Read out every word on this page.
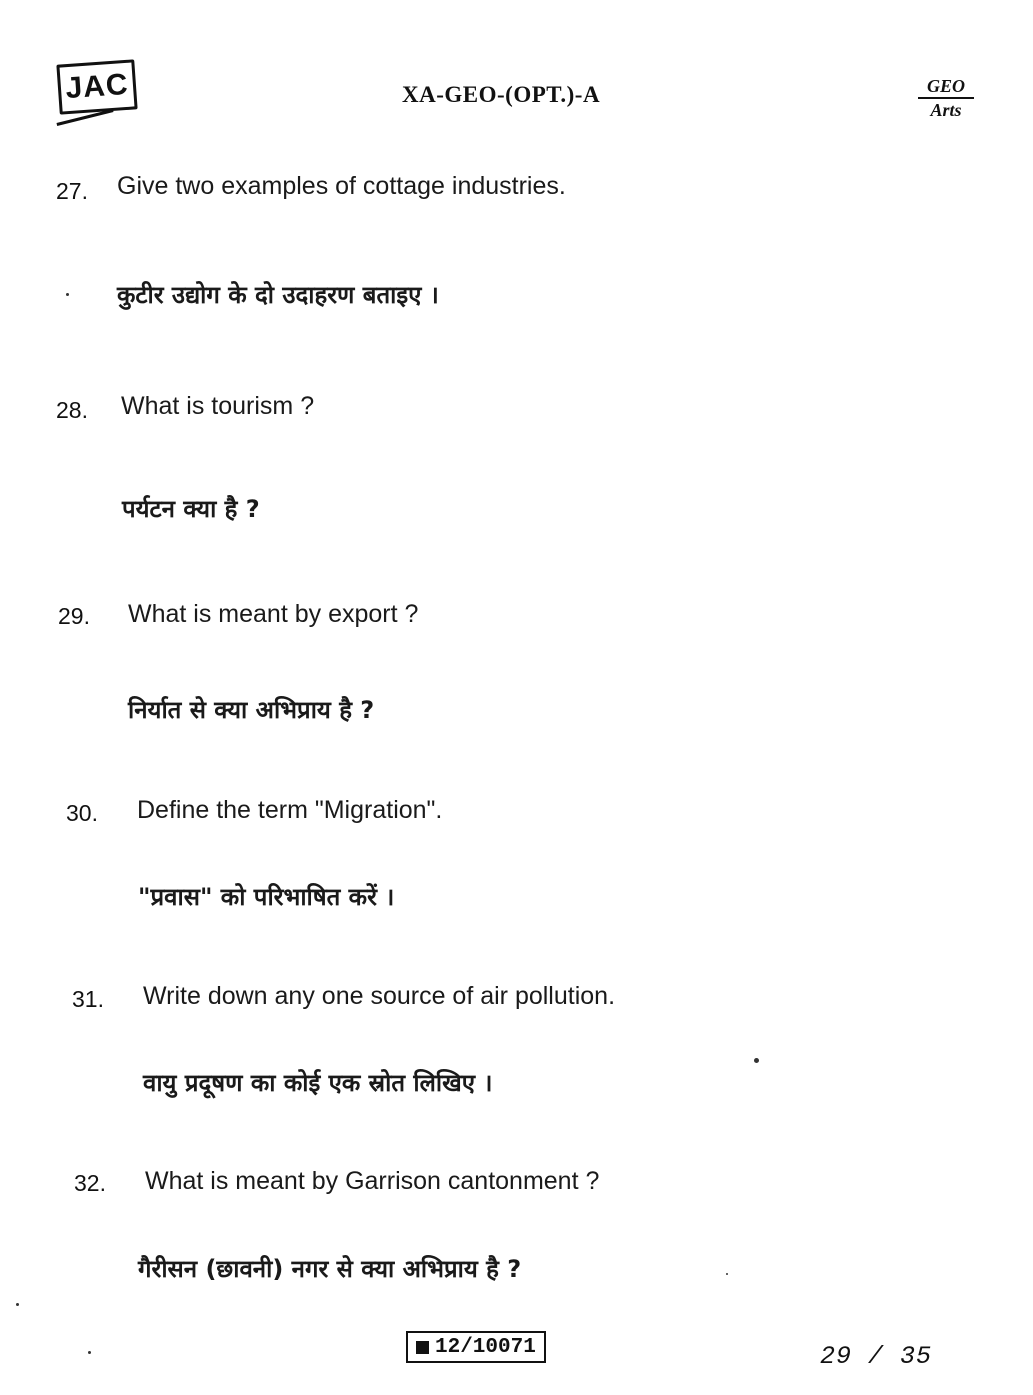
JAC	XA-GEO-(OPT.)-A	GEO
Arts
27. Give two examples of cottage industries.
कुटीर उद्योग के दो उदाहरण बताइए ।
28. What is tourism ?
पर्यटन क्या है ?
29. What is meant by export ?
निर्यात से क्या अभिप्राय है ?
30. Define the term "Migration".
"प्रवास" को परिभाषित करें ।
31. Write down any one source of air pollution.
वायु प्रदूषण का कोई एक स्रोत लिखिए ।
32. What is meant by Garrison cantonment ?
गैरीसन (छावनी) नगर से क्या अभिप्राय है ?
12/10071	29 / 35
